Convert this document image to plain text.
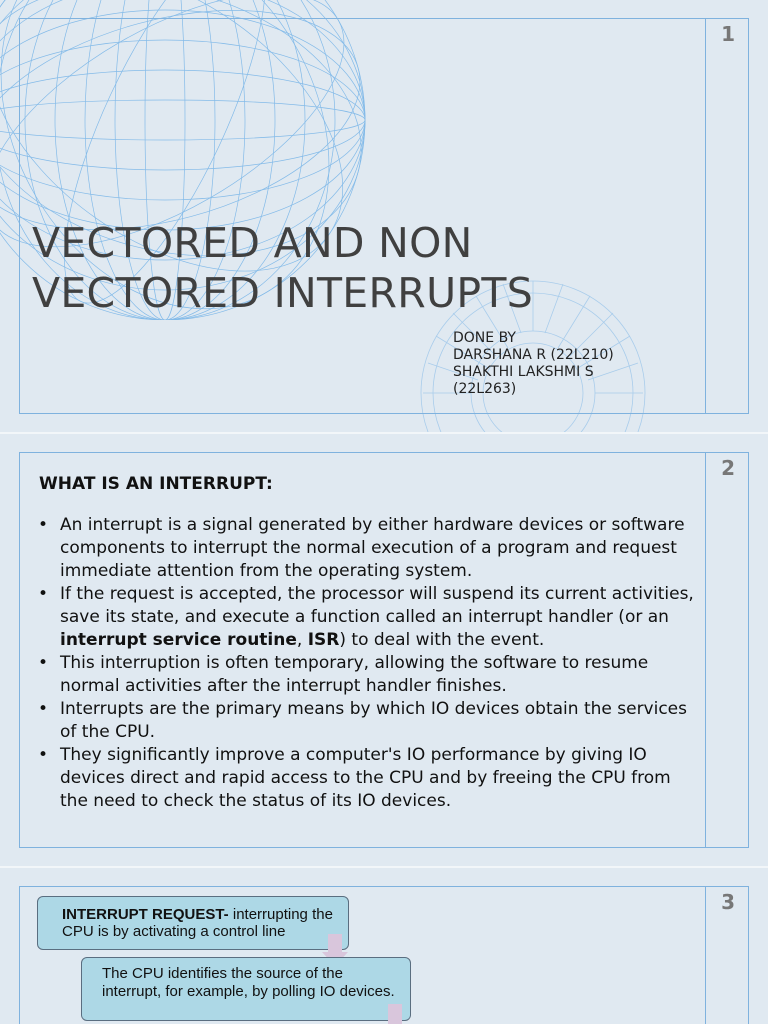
1
VECTORED AND NON
VECTORED INTERRUPTS
DONE BY
DARSHANA R (22L210)
SHAKTHI LAKSHMI S
(22L263)
WHAT IS AN INTERRUPT:
• An interrupt is a signal generated by either hardware devices or software components to interrupt the normal execution of a program and request immediate attention from the operating system.
• If the request is accepted, the processor will suspend its current activities, save its state, and execute a function called an interrupt handler (or an interrupt service routine, ISR) to deal with the event.
• This interruption is often temporary, allowing the software to resume normal activities after the interrupt handler finishes.
• Interrupts are the primary means by which IO devices obtain the services of the CPU.
• They significantly improve a computer's IO performance by giving IO devices direct and rapid access to the CPU and by freeing the CPU from the need to check the status of its IO devices.
2
3
INTERRUPT REQUEST- interrupting the CPU is by activating a control line
The CPU identifies the source of the interrupt, for example, by polling IO devices.
